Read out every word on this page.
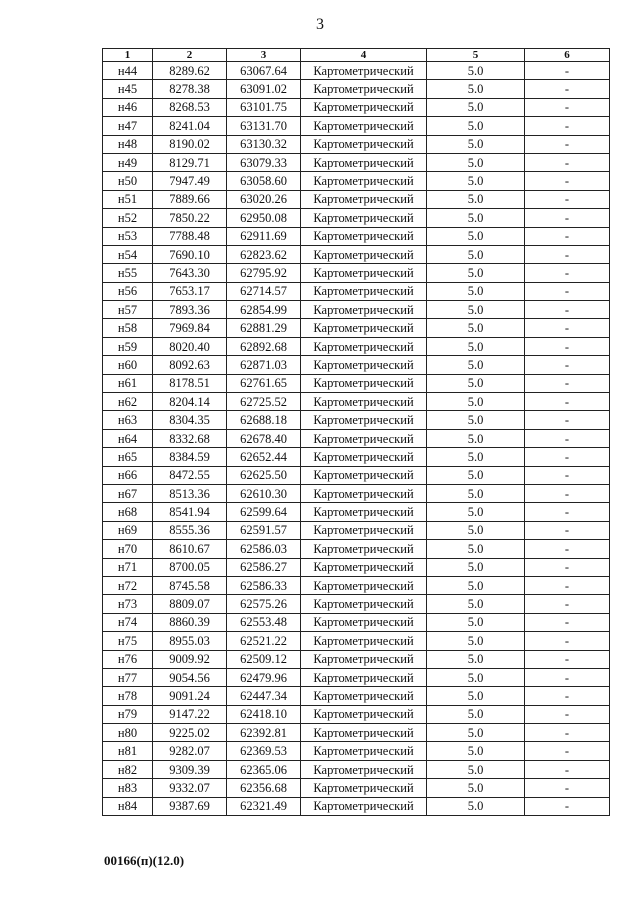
3
1	2	3	4	5	6
н44	8289.62	63067.64	Картометрический	5.0	-
н45	8278.38	63091.02	Картометрический	5.0	-
н46	8268.53	63101.75	Картометрический	5.0	-
н47	8241.04	63131.70	Картометрический	5.0	-
н48	8190.02	63130.32	Картометрический	5.0	-
н49	8129.71	63079.33	Картометрический	5.0	-
н50	7947.49	63058.60	Картометрический	5.0	-
н51	7889.66	63020.26	Картометрический	5.0	-
н52	7850.22	62950.08	Картометрический	5.0	-
н53	7788.48	62911.69	Картометрический	5.0	-
н54	7690.10	62823.62	Картометрический	5.0	-
н55	7643.30	62795.92	Картометрический	5.0	-
н56	7653.17	62714.57	Картометрический	5.0	-
н57	7893.36	62854.99	Картометрический	5.0	-
н58	7969.84	62881.29	Картометрический	5.0	-
н59	8020.40	62892.68	Картометрический	5.0	-
н60	8092.63	62871.03	Картометрический	5.0	-
н61	8178.51	62761.65	Картометрический	5.0	-
н62	8204.14	62725.52	Картометрический	5.0	-
н63	8304.35	62688.18	Картометрический	5.0	-
н64	8332.68	62678.40	Картометрический	5.0	-
н65	8384.59	62652.44	Картометрический	5.0	-
н66	8472.55	62625.50	Картометрический	5.0	-
н67	8513.36	62610.30	Картометрический	5.0	-
н68	8541.94	62599.64	Картометрический	5.0	-
н69	8555.36	62591.57	Картометрический	5.0	-
н70	8610.67	62586.03	Картометрический	5.0	-
н71	8700.05	62586.27	Картометрический	5.0	-
н72	8745.58	62586.33	Картометрический	5.0	-
н73	8809.07	62575.26	Картометрический	5.0	-
н74	8860.39	62553.48	Картометрический	5.0	-
н75	8955.03	62521.22	Картометрический	5.0	-
н76	9009.92	62509.12	Картометрический	5.0	-
н77	9054.56	62479.96	Картометрический	5.0	-
н78	9091.24	62447.34	Картометрический	5.0	-
н79	9147.22	62418.10	Картометрический	5.0	-
н80	9225.02	62392.81	Картометрический	5.0	-
н81	9282.07	62369.53	Картометрический	5.0	-
н82	9309.39	62365.06	Картометрический	5.0	-
н83	9332.07	62356.68	Картометрический	5.0	-
н84	9387.69	62321.49	Картометрический	5.0	-
00166(п)(12.0)
